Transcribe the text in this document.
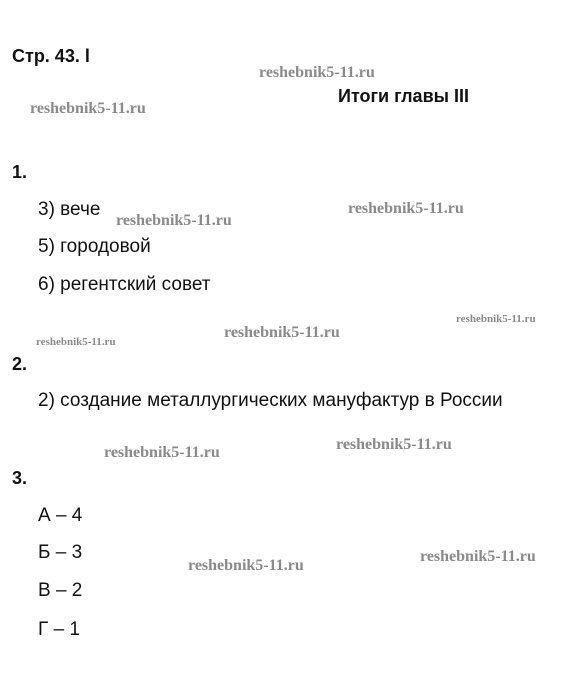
Стр. 43. l
Итоги главы III
1.
3) вече
5) городовой
6) регентский совет
2.
2) создание металлургических мануфактур в России
3.
А – 4
Б – 3
В – 2
Г – 1
reshebnik5-11.ru
reshebnik5-11.ru
reshebnik5-11.ru
reshebnik5-11.ru
reshebnik5-11.ru
reshebnik5-11.ru
reshebnik5-11.ru
reshebnik5-11.ru
reshebnik5-11.ru
reshebnik5-11.ru
reshebnik5-11.ru
